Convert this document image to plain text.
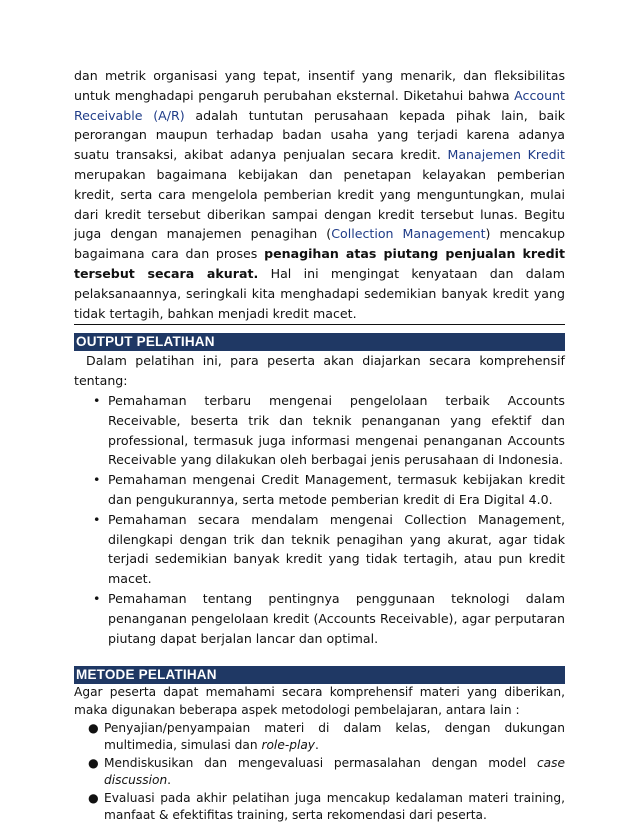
dan metrik organisasi yang tepat, insentif yang menarik, dan fleksibilitas untuk menghadapi pengaruh perubahan eksternal. Diketahui bahwa Account Receivable (A/R) adalah tuntutan perusahaan kepada pihak lain, baik perorangan maupun terhadap badan usaha yang terjadi karena adanya suatu transaksi, akibat adanya penjualan secara kredit. Manajemen Kredit merupakan bagaimana kebijakan dan penetapan kelayakan pemberian kredit, serta cara mengelola pemberian kredit yang menguntungkan, mulai dari kredit tersebut diberikan sampai dengan kredit tersebut lunas. Begitu juga dengan manajemen penagihan (Collection Management) mencakup bagaimana cara dan proses penagihan atas piutang penjualan kredit tersebut secara akurat. Hal ini mengingat kenyataan dan dalam pelaksanaannya, seringkali kita menghadapi sedemikian banyak kredit yang tidak tertagih, bahkan menjadi kredit macet.

OUTPUT PELATIHAN

Dalam pelatihan ini, para peserta akan diajarkan secara komprehensif tentang:

• Pemahaman terbaru mengenai pengelolaan terbaik Accounts Receivable, beserta trik dan teknik penanganan yang efektif dan professional, termasuk juga informasi mengenai penanganan Accounts Receivable yang dilakukan oleh berbagai jenis perusahaan di Indonesia.
• Pemahaman mengenai Credit Management, termasuk kebijakan kredit dan pengukurannya, serta metode pemberian kredit di Era Digital 4.0.
• Pemahaman secara mendalam mengenai Collection Management, dilengkapi dengan trik dan teknik penagihan yang akurat, agar tidak terjadi sedemikian banyak kredit yang tidak tertagih, atau pun kredit macet.
• Pemahaman tentang pentingnya penggunaan teknologi dalam penanganan pengelolaan kredit (Accounts Receivable), agar perputaran piutang dapat berjalan lancar dan optimal.
METODE PELATIHAN

Agar peserta dapat memahami secara komprehensif materi yang diberikan, maka digunakan beberapa aspek metodologi pembelajaran, antara lain :

● Penyajian/penyampaian materi di dalam kelas, dengan dukungan multimedia, simulasi dan role-play.
● Mendiskusikan dan mengevaluasi permasalahan dengan model case discussion.
● Evaluasi pada akhir pelatihan juga mencakup kedalaman materi training, manfaat & efektifitas training, serta rekomendasi dari peserta.
